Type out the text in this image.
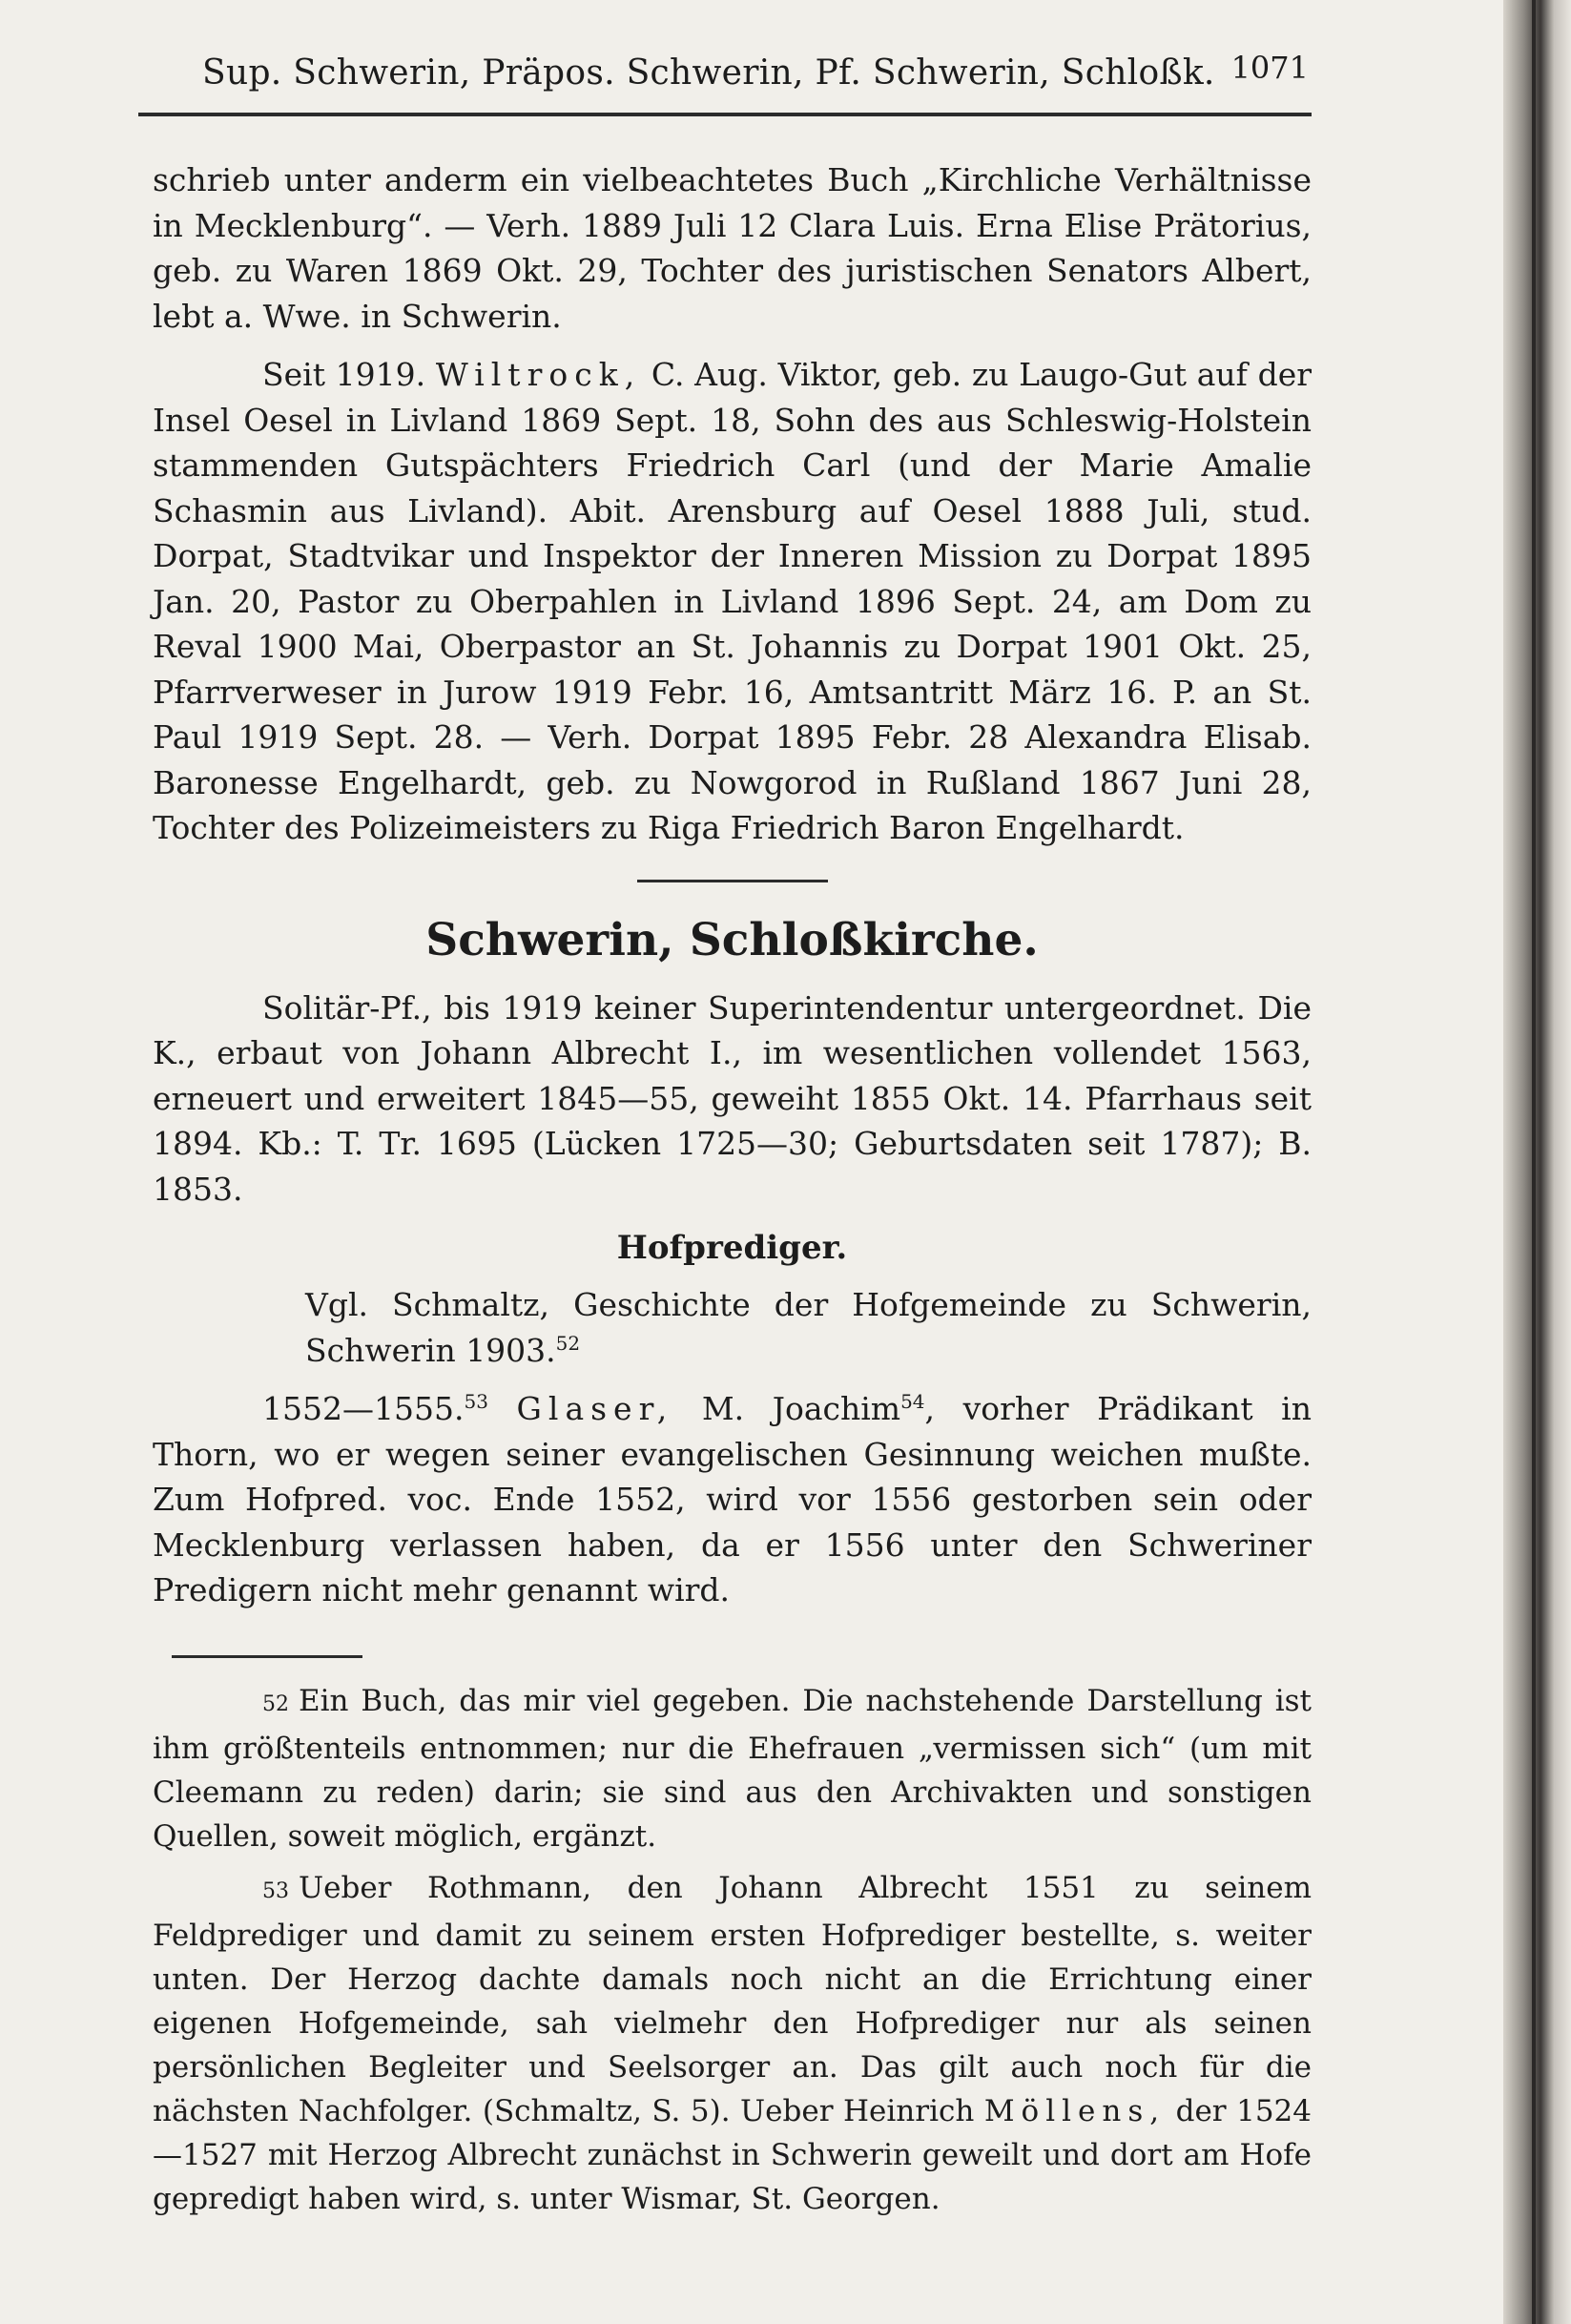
Sup. Schwerin, Präpos. Schwerin, Pf. Schwerin, Schloßk. 1071

schrieb unter anderm ein vielbeachtetes Buch „Kirchliche Verhältnisse in Mecklenburg“. — Verh. 1889 Juli 12 Clara Luis. Erna Elise Prätorius, geb. zu Waren 1869 Okt. 29, Tochter des juristischen Senators Albert, lebt a. Wwe. in Schwerin.

Seit 1919. Wiltrock, C. Aug. Viktor, geb. zu Laugo-Gut auf der Insel Oesel in Livland 1869 Sept. 18, Sohn des aus Schleswig-Holstein stammenden Gutspächters Friedrich Carl (und der Marie Amalie Schasmin aus Livland). Abit. Arensburg auf Oesel 1888 Juli, stud. Dorpat, Stadtvikar und Inspektor der Inneren Mission zu Dorpat 1895 Jan. 20, Pastor zu Oberpahlen in Livland 1896 Sept. 24, am Dom zu Reval 1900 Mai, Oberpastor an St. Johannis zu Dorpat 1901 Okt. 25, Pfarrverweser in Jurow 1919 Febr. 16, Amtsantritt März 16. P. an St. Paul 1919 Sept. 28. — Verh. Dorpat 1895 Febr. 28 Alexandra Elisab. Baronesse Engelhardt, geb. zu Nowgorod in Rußland 1867 Juni 28, Tochter des Polizeimeisters zu Riga Friedrich Baron Engelhardt.

Schwerin, Schloßkirche.

Solitär-Pf., bis 1919 keiner Superintendentur untergeordnet. Die K., erbaut von Johann Albrecht I., im wesentlichen vollendet 1563, erneuert und erweitert 1845—55, geweiht 1855 Okt. 14. Pfarrhaus seit 1894. Kb.: T. Tr. 1695 (Lücken 1725—30; Geburtsdaten seit 1787); B. 1853.

Hofprediger.

Vgl. Schmaltz, Geschichte der Hofgemeinde zu Schwerin, Schwerin 1903.52

1552—1555.53 Glaser, M. Joachim$^{54}$, vorher Prädikant in Thorn, wo er wegen seiner evangelischen Gesinnung weichen mußte. Zum Hofpred. voc. Ende 1552, wird vor 1556 gestorben sein oder Mecklenburg verlassen haben, da er 1556 unter den Schweriner Predigern nicht mehr genannt wird.

52 Ein Buch, das mir viel gegeben. Die nachstehende Darstellung ist ihm größtenteils entnommen; nur die Ehefrauen „vermissen sich“ (um mit Cleemann zu reden) darin; sie sind aus den Archivakten und sonstigen Quellen, soweit möglich, ergänzt.

53 Ueber Rothmann, den Johann Albrecht 1551 zu seinem Feldprediger und damit zu seinem ersten Hofprediger bestellte, s. weiter unten. Der Herzog dachte damals noch nicht an die Errichtung einer eigenen Hofgemeinde, sah vielmehr den Hofprediger nur als seinen persönlichen Begleiter und Seelsorger an. Das gilt auch noch für die nächsten Nachfolger. (Schmaltz, S. 5). Ueber Heinrich Möllens, der 1524—1527 mit Herzog Albrecht zunächst in Schwerin geweilt und dort am Hofe gepredigt haben wird, s. unter Wismar, St. Georgen.
